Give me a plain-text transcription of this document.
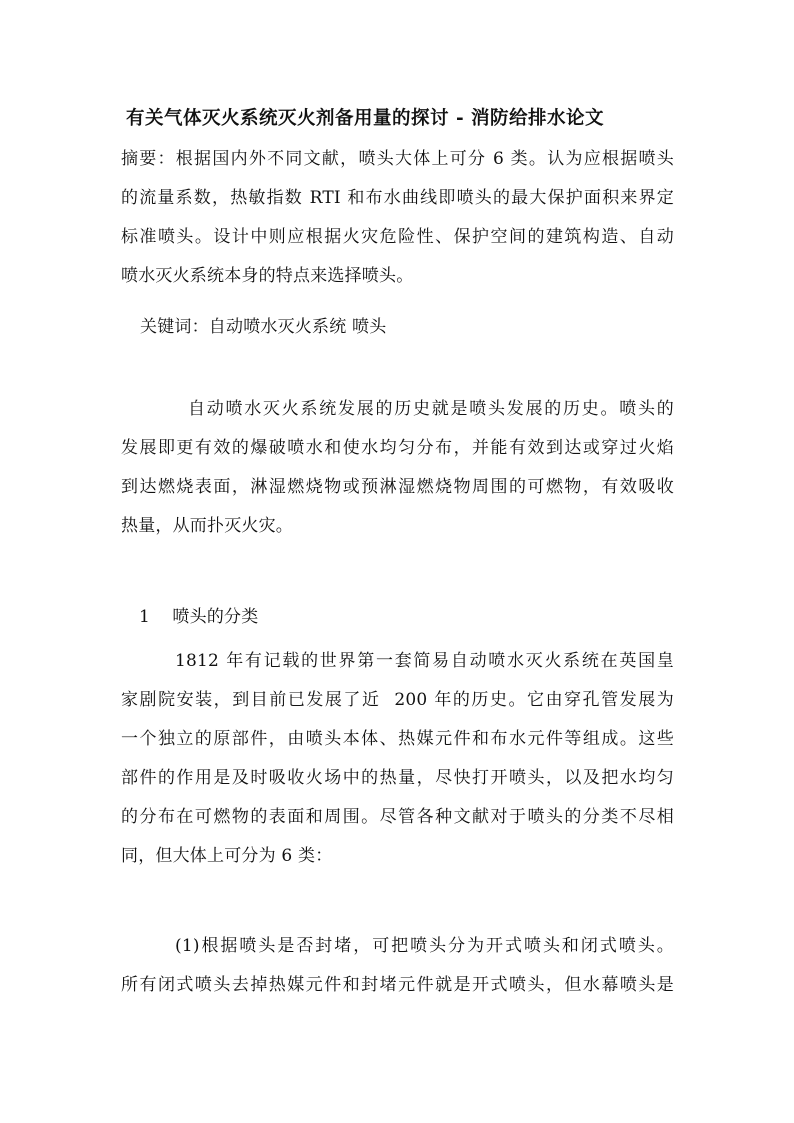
有关气体灭火系统灭火剂备用量的探讨 - 消防给排水论文
摘要：根据国内外不同文献，喷头大体上可分 6 类。认为应根据喷头
的流量系数，热敏指数 RTI 和布水曲线即喷头的最大保护面积来界定
标准喷头。设计中则应根据火灾危险性、保护空间的建筑构造、自动
喷水灭火系统本身的特点来选择喷头。
关键词：自动喷水灭火系统 喷头
自动喷水灭火系统发展的历史就是喷头发展的历史。喷头的
发展即更有效的爆破喷水和使水均匀分布，并能有效到达或穿过火焰
到达燃烧表面，淋湿燃烧物或预淋湿燃烧物周围的可燃物，有效吸收
热量，从而扑灭火灾。
1    喷头的分类
1812 年有记载的世界第一套简易自动喷水灭火系统在英国皇
家剧院安装，到目前已发展了近  200 年的历史。它由穿孔管发展为
一个独立的原部件，由喷头本体、热媒元件和布水元件等组成。这些
部件的作用是及时吸收火场中的热量，尽快打开喷头，以及把水均匀
的分布在可燃物的表面和周围。尽管各种文献对于喷头的分类不尽相
同，但大体上可分为 6 类：
(1)根据喷头是否封堵，可把喷头分为开式喷头和闭式喷头。
所有闭式喷头去掉热媒元件和封堵元件就是开式喷头，但水幕喷头是
